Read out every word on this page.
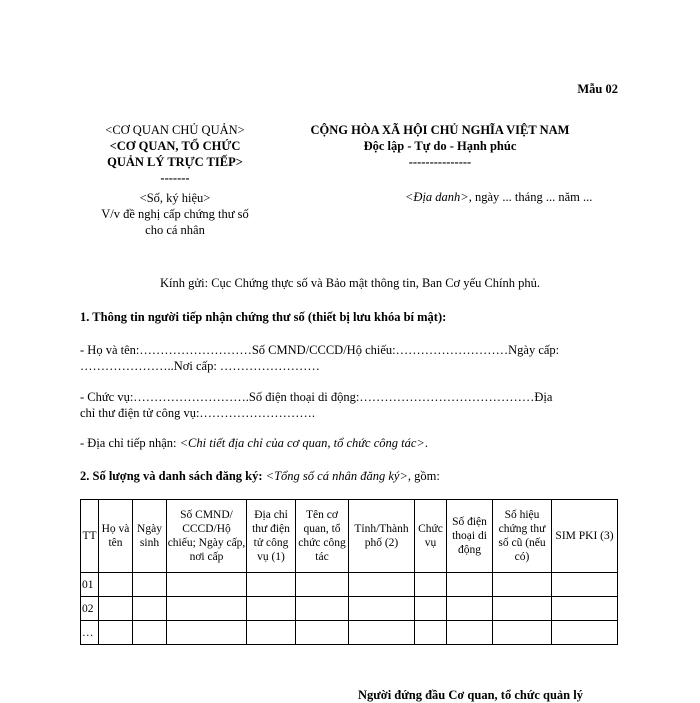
Mẫu 02
<CƠ QUAN CHỦ QUẢN>
<CƠ QUAN, TỔ CHỨC
QUẢN LÝ TRỰC TIẾP>
-------
CỘNG HÒA XÃ HỘI CHỦ NGHĨA VIỆT NAM
Độc lập - Tự do - Hạnh phúc
---------------
<Số, ký hiệu>
V/v đề nghị cấp chứng thư số
cho cá nhân
<Địa danh>, ngày ... tháng ... năm ...
Kính gửi: Cục Chứng thực số và Bảo mật thông tin, Ban Cơ yếu Chính phủ.
1. Thông tin người tiếp nhận chứng thư số (thiết bị lưu khóa bí mật):
- Họ và tên:………………………Số CMND/CCCD/Hộ chiếu:………………………Ngày cấp:
…………………..Nơi cấp: ……………………
- Chức vụ:……………………….Số điện thoại di động:……………………………………Địa
chỉ thư điện tử công vụ:……………………….
- Địa chỉ tiếp nhận: <Chi tiết địa chỉ của cơ quan, tổ chức công tác>.
2. Số lượng và danh sách đăng ký: <Tổng số cá nhân đăng ký>, gồm:
TT	Họ và tên	Ngày sinh	Số CMND/ CCCD/Hộ chiếu; Ngày cấp, nơi cấp	Địa chỉ thư điện tử công vụ (1)	Tên cơ quan, tổ chức công tác	Tỉnh/Thành phố (2)	Chức vụ	Số điện thoại di động	Số hiệu chứng thư số cũ (nếu có)	SIM PKI (3)
01										
02										
…										
Người đứng đầu Cơ quan, tổ chức quản lý
